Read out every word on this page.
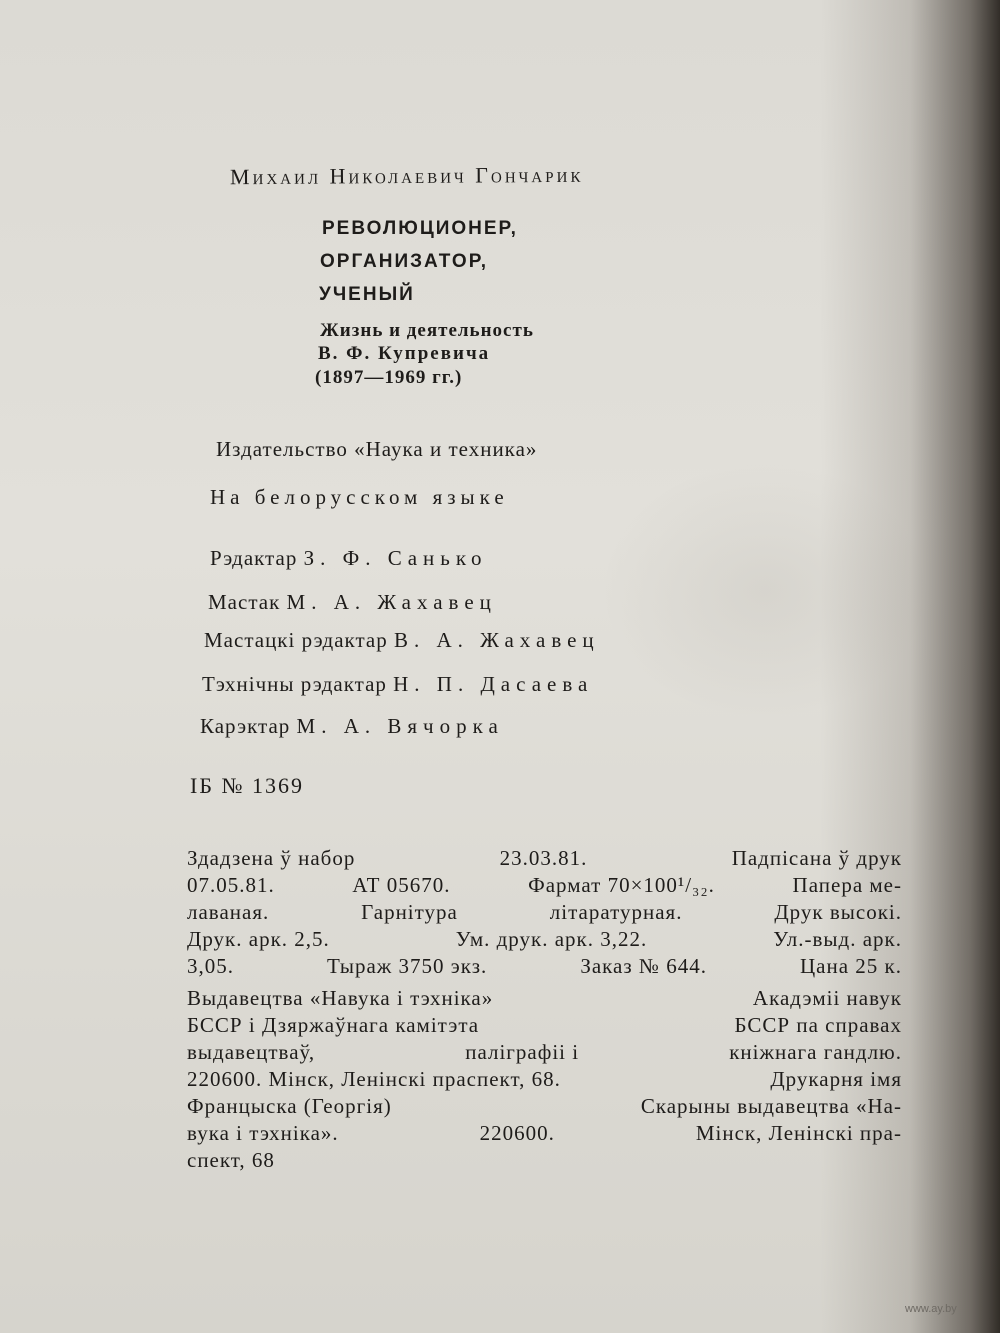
Михаил Николаевич Гончарик
РЕВОЛЮЦИОНЕР,
ОРГАНИЗАТОР,
УЧЕНЫЙ
Жизнь и деятельность
В. Ф. Купревича
(1897—1969 гг.)
Издательство «Наука и техника»
На белорусском языке
Рэдактар З. Ф. Санько
Мастак М. А. Жахавец
Мастацкі рэдактар В. А. Жахавец
Тэхнічны рэдактар Н. П. Дасаева
Карэктар М. А. Вячорка
ІБ № 1369
Здадзена ў набор	23.03.81.	Падпісана ў друк
07.05.81.	АТ 05670.	Фармат 70×100¹/₃₂.	Папера ме-
лаваная.	Гарнітура	літаратурная.	Друк высокі.
Друк. арк. 2,5.	Ум. друк. арк. 3,22.	Ул.-выд. арк.
3,05.	Тыраж 3750 экз.	Заказ № 644.	Цана 25 к.
Выдавецтва «Навука і тэхніка»	Акадэміі навук
БССР і Дзяржаўнага камітэта	БССР па справах
выдавецтваў,	паліграфіі і	кніжнага гандлю.
220600. Мінск, Ленінскі праспект, 68.	Друкарня імя
Францыска (Георгія)	Скарыны выдавецтва «На-
вука і тэхніка».	220600.	Мінск, Ленінскі пра-
спект, 68
www.ay.by
